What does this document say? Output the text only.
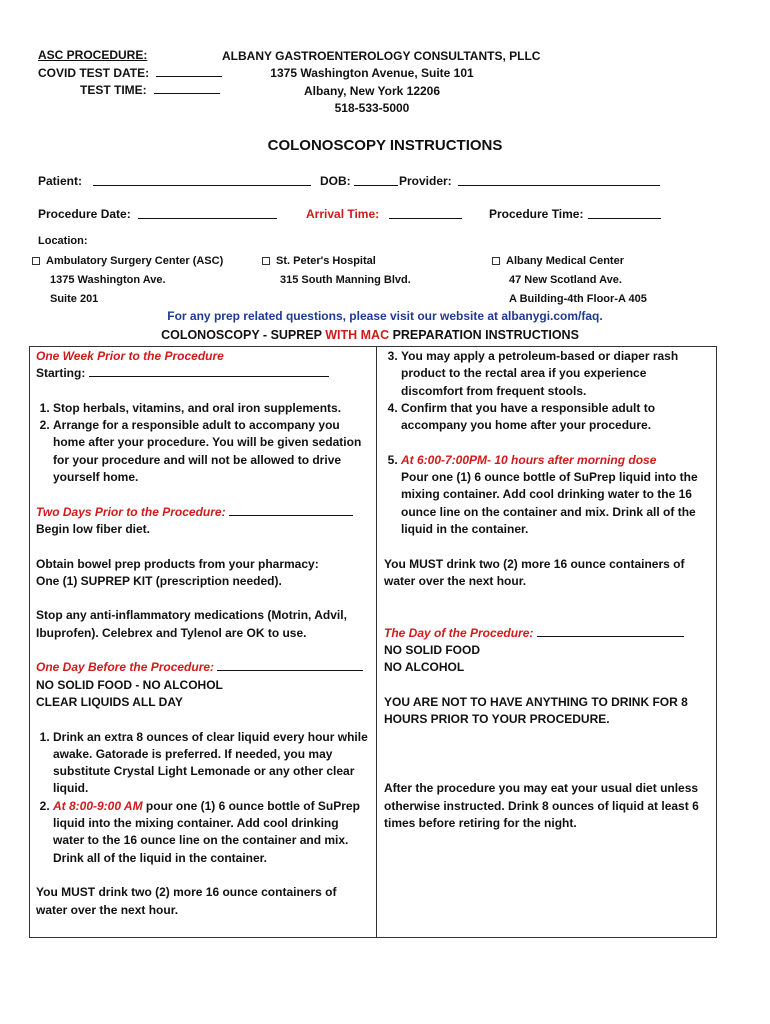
ASC PROCEDURE:
COVID TEST DATE:
TEST TIME:
ALBANY GASTROENTEROLOGY CONSULTANTS, PLLC
1375 Washington Avenue, Suite 101
Albany, New York 12206
518-533-5000
COLONOSCOPY INSTRUCTIONS
Patient:	DOB:	Provider:
Procedure Date:	Arrival Time:	Procedure Time:
Location:
Ambulatory Surgery Center (ASC)
1375 Washington Ave.
Suite 201
St. Peter's Hospital
315 South Manning Blvd.
Albany Medical Center
47 New Scotland Ave.
A Building-4th Floor-A 405
For any prep related questions, please visit our website at albanygi.com/faq.
COLONOSCOPY - SUPREP WITH MAC PREPARATION INSTRUCTIONS

One Week Prior to the Procedure

Starting:

1. Stop herbals, vitamins, and oral iron supplements.
2. Arrange for a responsible adult to accompany you home after your procedure. You will be given sedation for your procedure and will not be allowed to drive yourself home.

Two Days Prior to the Procedure:

Begin low fiber diet.

Obtain bowel prep products from your pharmacy:

One (1) SUPREP KIT (prescription needed).

Stop any anti-inflammatory medications (Motrin, Advil, Ibuprofen). Celebrex and Tylenol are OK to use.

One Day Before the Procedure:

NO SOLID FOOD - NO ALCOHOL

CLEAR LIQUIDS ALL DAY

1. Drink an extra 8 ounces of clear liquid every hour while awake. Gatorade is preferred. If needed, you may substitute Crystal Light Lemonade or any other clear liquid.
2. At 8:00-9:00 AM pour one (1) 6 ounce bottle of SuPrep liquid into the mixing container. Add cool drinking water to the 16 ounce line on the container and mix. Drink all of the liquid in the container.

You MUST drink two (2) more 16 ounce containers of water over the next hour.

3. You may apply a petroleum-based or diaper rash product to the rectal area if you experience discomfort from frequent stools.
4. Confirm that you have a responsible adult to accompany you home after your procedure.
5. At 6:00-7:00PM- 10 hours after morning dose
Pour one (1) 6 ounce bottle of SuPrep liquid into the mixing container. Add cool drinking water to the 16 ounce line on the container and mix. Drink all of the liquid in the container.

You MUST drink two (2) more 16 ounce containers of water over the next hour.

The Day of the Procedure:

NO SOLID FOOD

NO ALCOHOL

YOU ARE NOT TO HAVE ANYTHING TO DRINK FOR 8 HOURS PRIOR TO YOUR PROCEDURE.

After the procedure you may eat your usual diet unless otherwise instructed. Drink 8 ounces of liquid at least 6 times before retiring for the night.
